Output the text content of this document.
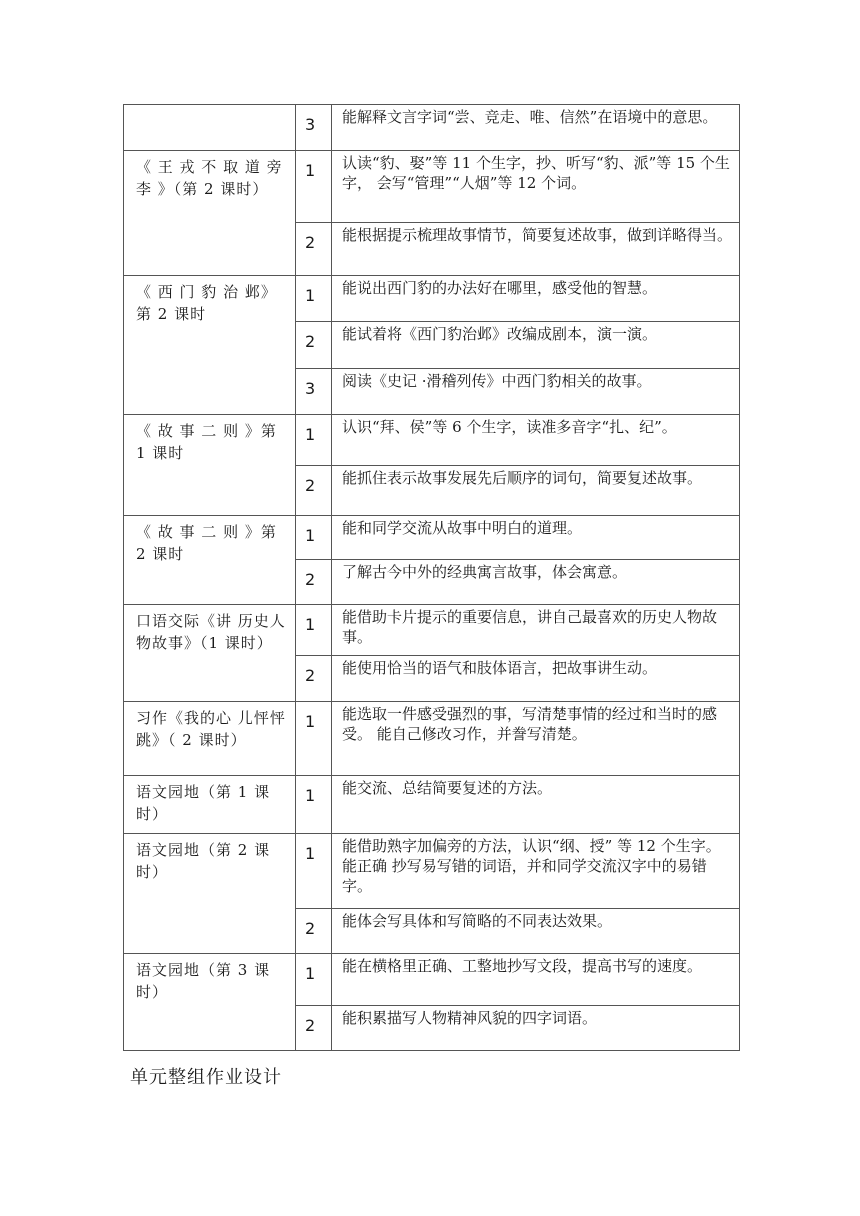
	3	能解释文言字词“尝、竞走、唯、信然”在语境中的意思。

《 王 戎 不 取 道 旁 李 》（第 2 课时）	1	认读“豹、娶”等 11 个生字，抄、听写“豹、派”等 15 个生字， 会写“管理”“人烟”等 12 个词。

	2	能根据提示梳理故事情节，简要复述故事，做到详略得当。

《 西 门 豹 治 邺》第 2 课时	1	能说出西门豹的办法好在哪里，感受他的智慧。

	2	能试着将《西门豹治邺》改编成剧本，演一演。

	3	阅读《史记 ·滑稽列传》中西门豹相关的故事。

《 故 事 二 则 》第 1 课时	1	认识“拜、侯”等 6 个生字，读准多音字“扎、纪”。

	2	能抓住表示故事发展先后顺序的词句，简要复述故事。

《 故 事 二 则 》第 2 课时	1	能和同学交流从故事中明白的道理。

	2	了解古今中外的经典寓言故事，体会寓意。

口语交际《讲 历史人物故事》（1 课时）	1	能借助卡片提示的重要信息，讲自己最喜欢的历史人物故事。

	2	能使用恰当的语气和肢体语言，把故事讲生动。

习作《我的心 儿怦怦跳》（ 2 课时）	1	能选取一件感受强烈的事，写清楚事情的经过和当时的感受。 能自己修改习作，并誊写清楚。

语文园地（第 1 课时）	1	能交流、总结简要复述的方法。

语文园地（第 2 课时）	1	能借助熟字加偏旁的方法，认识“纲、授” 等 12 个生字。能正确 抄写易写错的词语，并和同学交流汉字中的易错字。

	2	能体会写具体和写简略的不同表达效果。

语文园地（第 3 课时）	1	能在横格里正确、工整地抄写文段，提高书写的速度。

	2	能积累描写人物精神风貌的四字词语。
单元整组作业设计
